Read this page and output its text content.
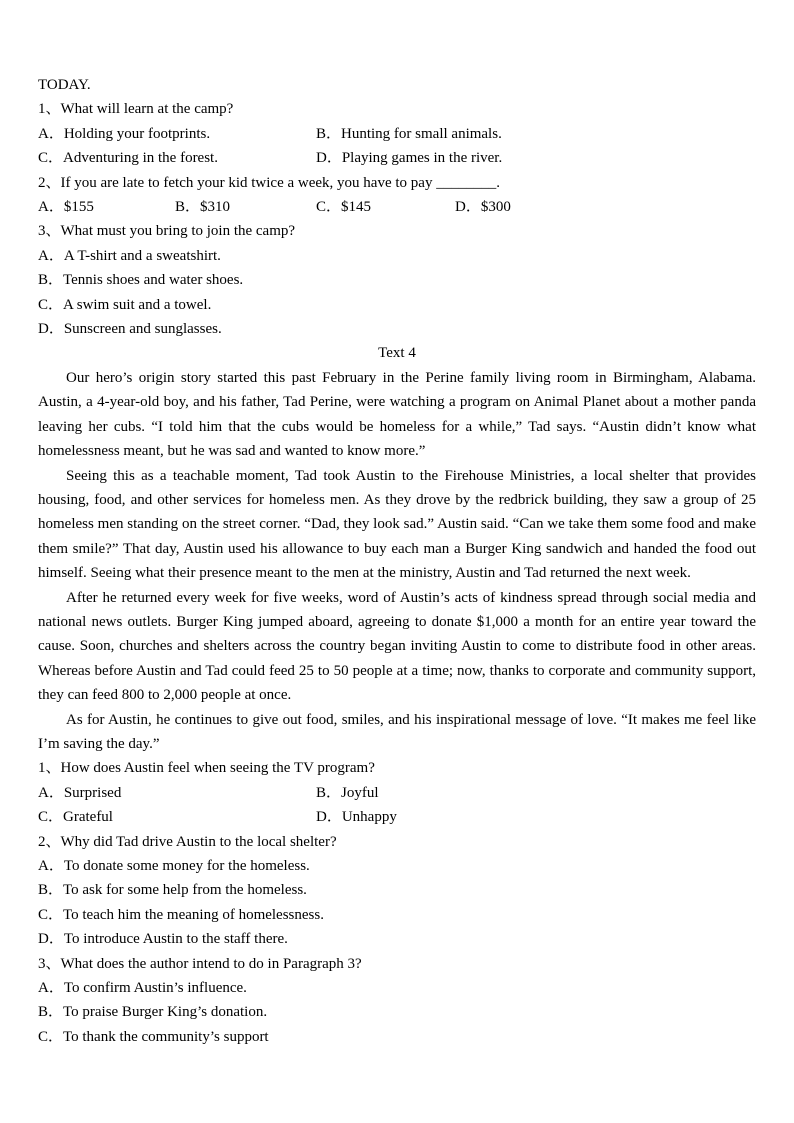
TODAY.
1、What will learn at the camp?
A．Holding your footprints.	B．Hunting for small animals.
C．Adventuring in the forest.	D．Playing games in the river.
2、If you are late to fetch your kid twice a week, you have to pay ________.
A．$155	B．$310	C．$145	D．$300
3、What must you bring to join the camp?
A．A T-shirt and a sweatshirt.
B．Tennis shoes and water shoes.
C．A swim suit and a towel.
D．Sunscreen and sunglasses.
Text 4

Our hero’s origin story started this past February in the Perine family living room in Birmingham, Alabama. Austin, a 4-year-old boy, and his father, Tad Perine, were watching a program on Animal Planet about a mother panda leaving her cubs. “I told him that the cubs would be homeless for a while,” Tad says. “Austin didn’t know what homelessness meant, but he was sad and wanted to know more.”

Seeing this as a teachable moment, Tad took Austin to the Firehouse Ministries, a local shelter that provides housing, food, and other services for homeless men. As they drove by the redbrick building, they saw a group of 25 homeless men standing on the street corner. “Dad, they look sad.” Austin said. “Can we take them some food and make them smile?” That day, Austin used his allowance to buy each man a Burger King sandwich and handed the food out himself. Seeing what their presence meant to the men at the ministry, Austin and Tad returned the next week.

After he returned every week for five weeks, word of Austin’s acts of kindness spread through social media and national news outlets. Burger King jumped aboard, agreeing to donate $1,000 a month for an entire year toward the cause. Soon, churches and shelters across the country began inviting Austin to come to distribute food in other areas. Whereas before Austin and Tad could feed 25 to 50 people at a time; now, thanks to corporate and community support, they can feed 800 to 2,000 people at once.

As for Austin, he continues to give out food, smiles, and his inspirational message of love. “It makes me feel like I’m saving the day.”

1、How does Austin feel when seeing the TV program?
A．Surprised	B．Joyful
C．Grateful	D．Unhappy
2、Why did Tad drive Austin to the local shelter?
A．To donate some money for the homeless.
B．To ask for some help from the homeless.
C．To teach him the meaning of homelessness.
D．To introduce Austin to the staff there.
3、What does the author intend to do in Paragraph 3?
A．To confirm Austin’s influence.
B．To praise Burger King’s donation.
C．To thank the community’s support
